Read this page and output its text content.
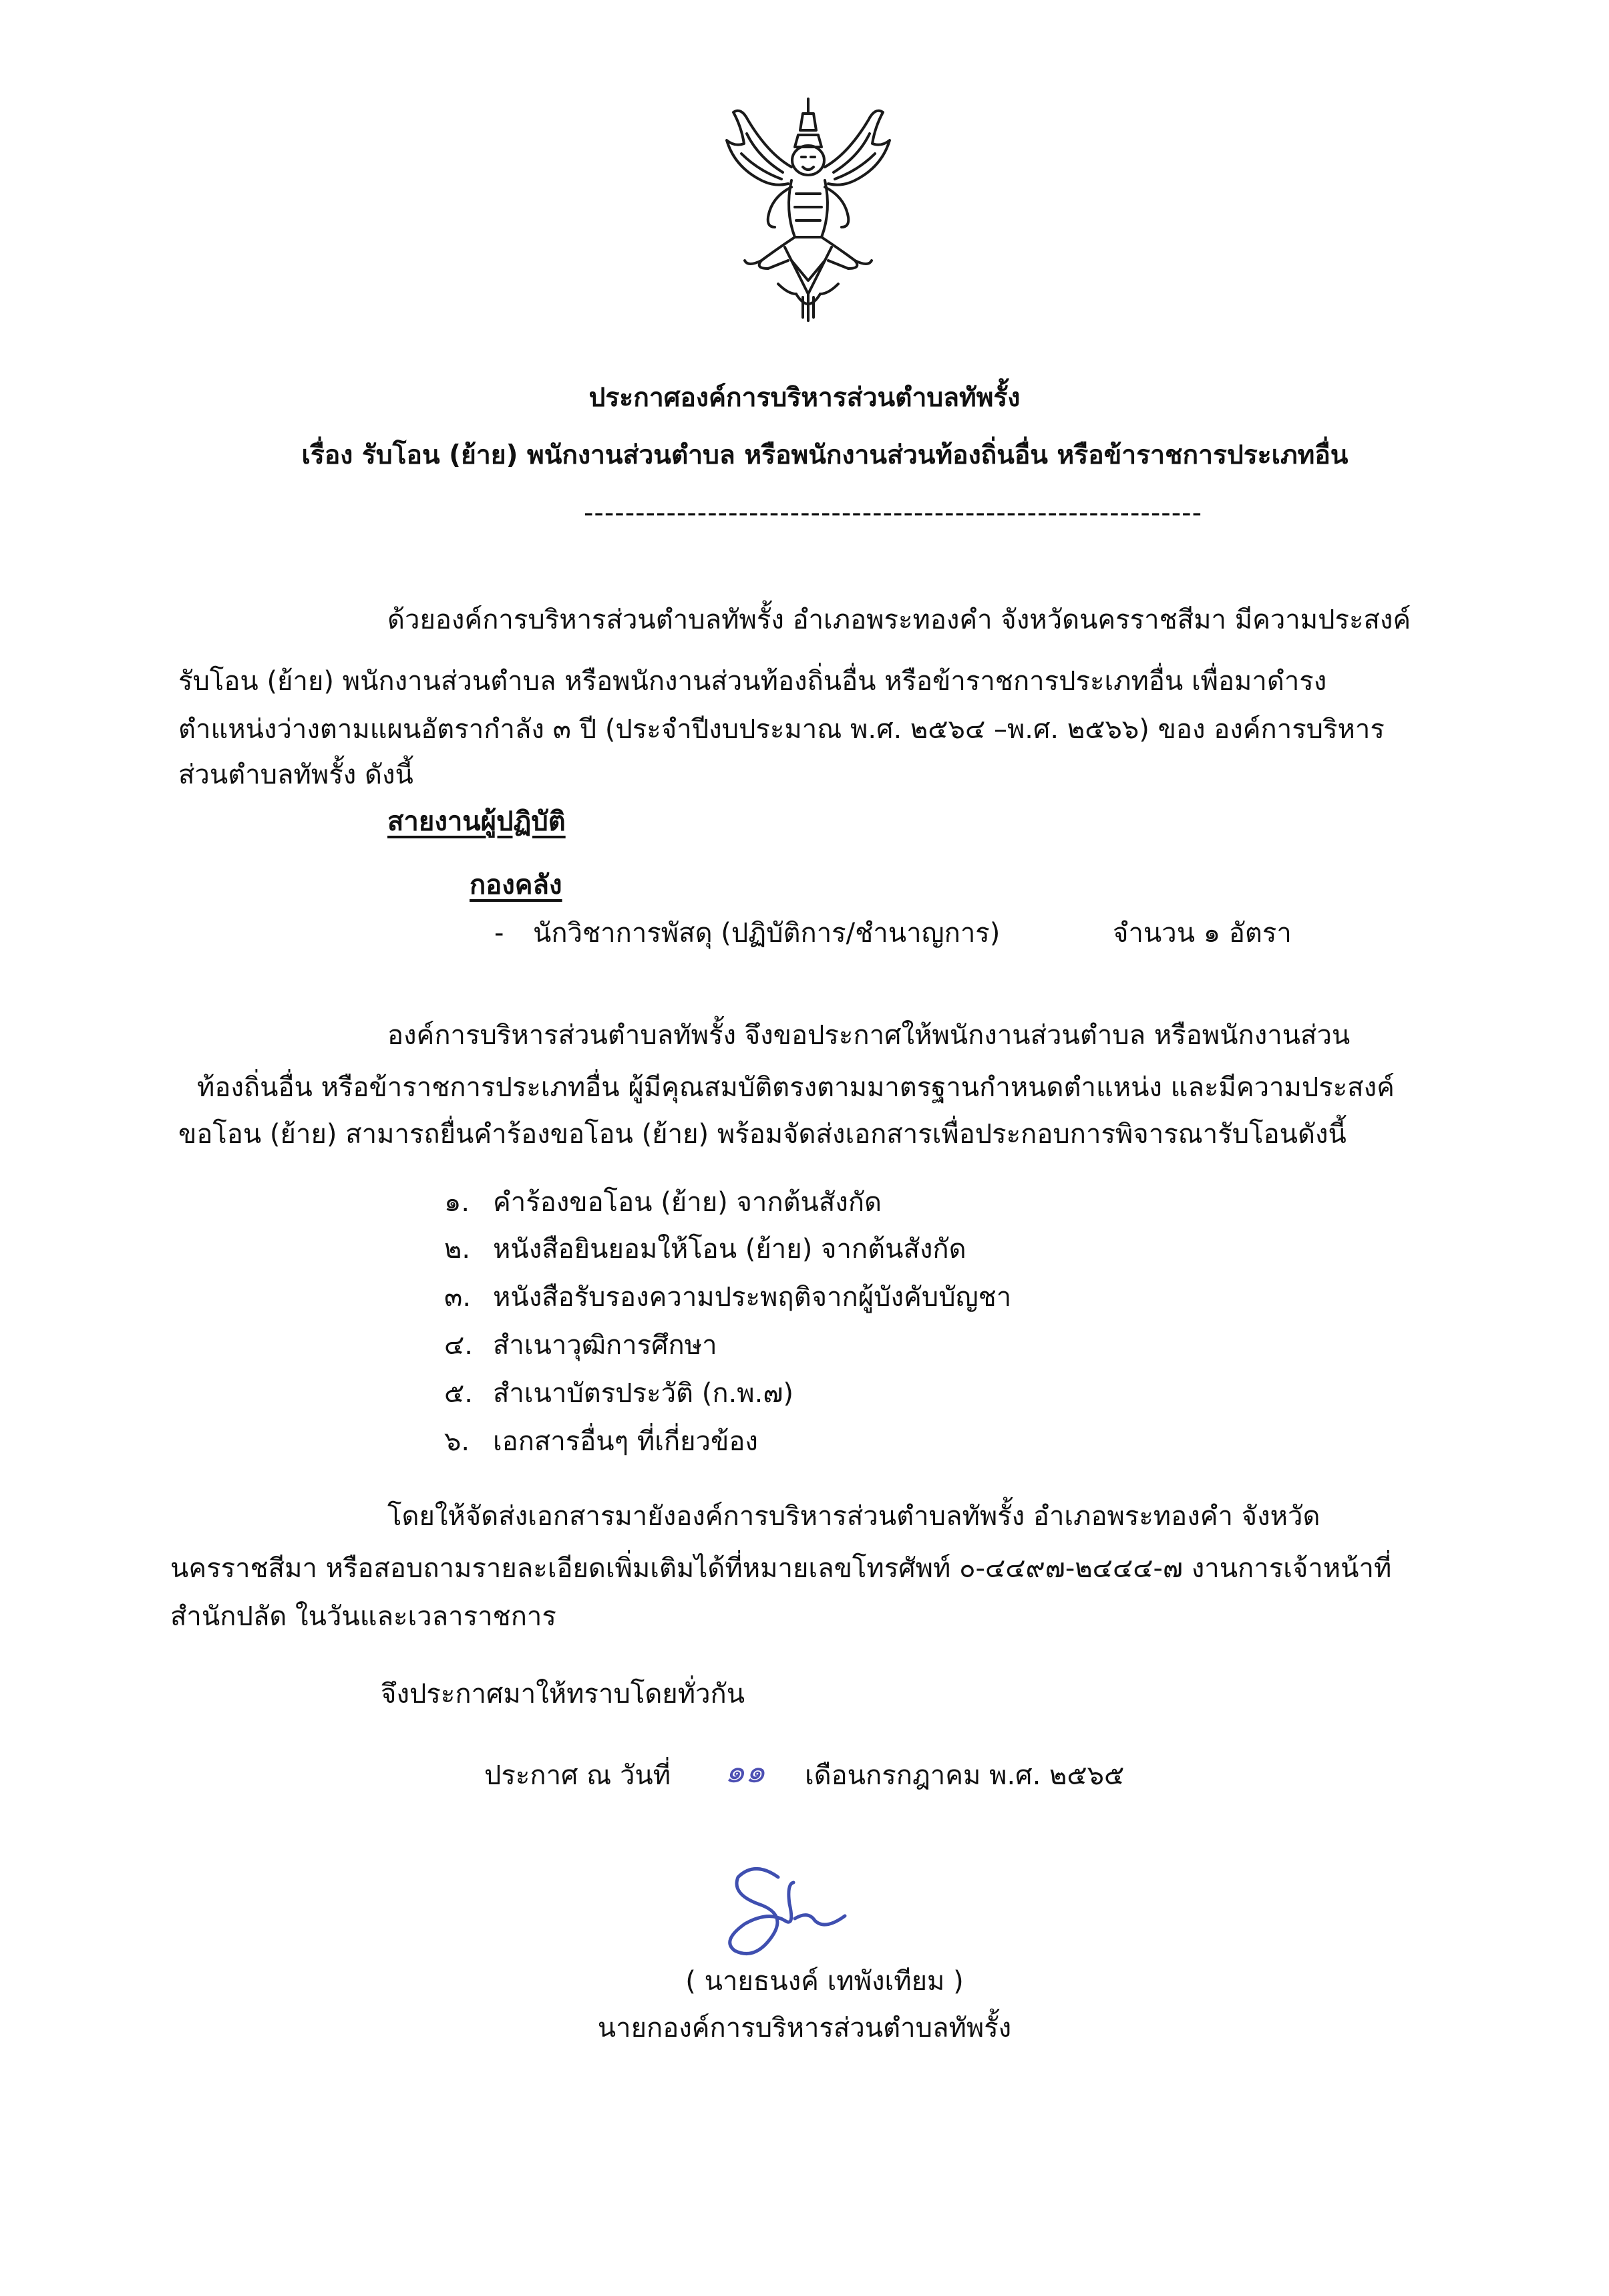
ประกาศองค์การบริหารส่วนตำบลทัพรั้ง
เรื่อง รับโอน (ย้าย) พนักงานส่วนตำบล หรือพนักงานส่วนท้องถิ่นอื่น หรือข้าราชการประเภทอื่น
------------------------------------------------------------
ด้วยองค์การบริหารส่วนตำบลทัพรั้ง อำเภอพระทองคำ จังหวัดนครราชสีมา มีความประสงค์
รับโอน (ย้าย) พนักงานส่วนตำบล หรือพนักงานส่วนท้องถิ่นอื่น หรือข้าราชการประเภทอื่น เพื่อมาดำรง
ตำแหน่งว่างตามแผนอัตรากำลัง ๓ ปี (ประจำปีงบประมาณ พ.ศ. ๒๕๖๔ –พ.ศ. ๒๕๖๖) ของ องค์การบริหาร
ส่วนตำบลทัพรั้ง ดังนี้
สายงานผู้ปฏิบัติ
กองคลัง
- นักวิชาการพัสดุ (ปฏิบัติการ/ชำนาญการ)	จำนวน ๑ อัตรา
องค์การบริหารส่วนตำบลทัพรั้ง จึงขอประกาศให้พนักงานส่วนตำบล หรือพนักงานส่วน
ท้องถิ่นอื่น หรือข้าราชการประเภทอื่น ผู้มีคุณสมบัติตรงตามมาตรฐานกำหนดตำแหน่ง และมีความประสงค์
ขอโอน (ย้าย) สามารถยื่นคำร้องขอโอน (ย้าย) พร้อมจัดส่งเอกสารเพื่อประกอบการพิจารณารับโอนดังนี้
๑. คำร้องขอโอน (ย้าย) จากต้นสังกัด
๒. หนังสือยินยอมให้โอน (ย้าย) จากต้นสังกัด
๓. หนังสือรับรองความประพฤติจากผู้บังคับบัญชา
๔. สำเนาวุฒิการศึกษา
๕. สำเนาบัตรประวัติ (ก.พ.๗)
๖. เอกสารอื่นๆ ที่เกี่ยวข้อง
โดยให้จัดส่งเอกสารมายังองค์การบริหารส่วนตำบลทัพรั้ง อำเภอพระทองคำ จังหวัด
นครราชสีมา หรือสอบถามรายละเอียดเพิ่มเติมได้ที่หมายเลขโทรศัพท์ ๐-๔๔๙๗-๒๔๔๔-๗ งานการเจ้าหน้าที่
สำนักปลัด ในวันและเวลาราชการ
จึงประกาศมาให้ทราบโดยทั่วกัน
ประกาศ ณ วันที่ ๑๑ เดือนกรกฎาคม พ.ศ. ๒๕๖๕
( นายธนงค์ เทพังเทียม )
นายกองค์การบริหารส่วนตำบลทัพรั้ง
